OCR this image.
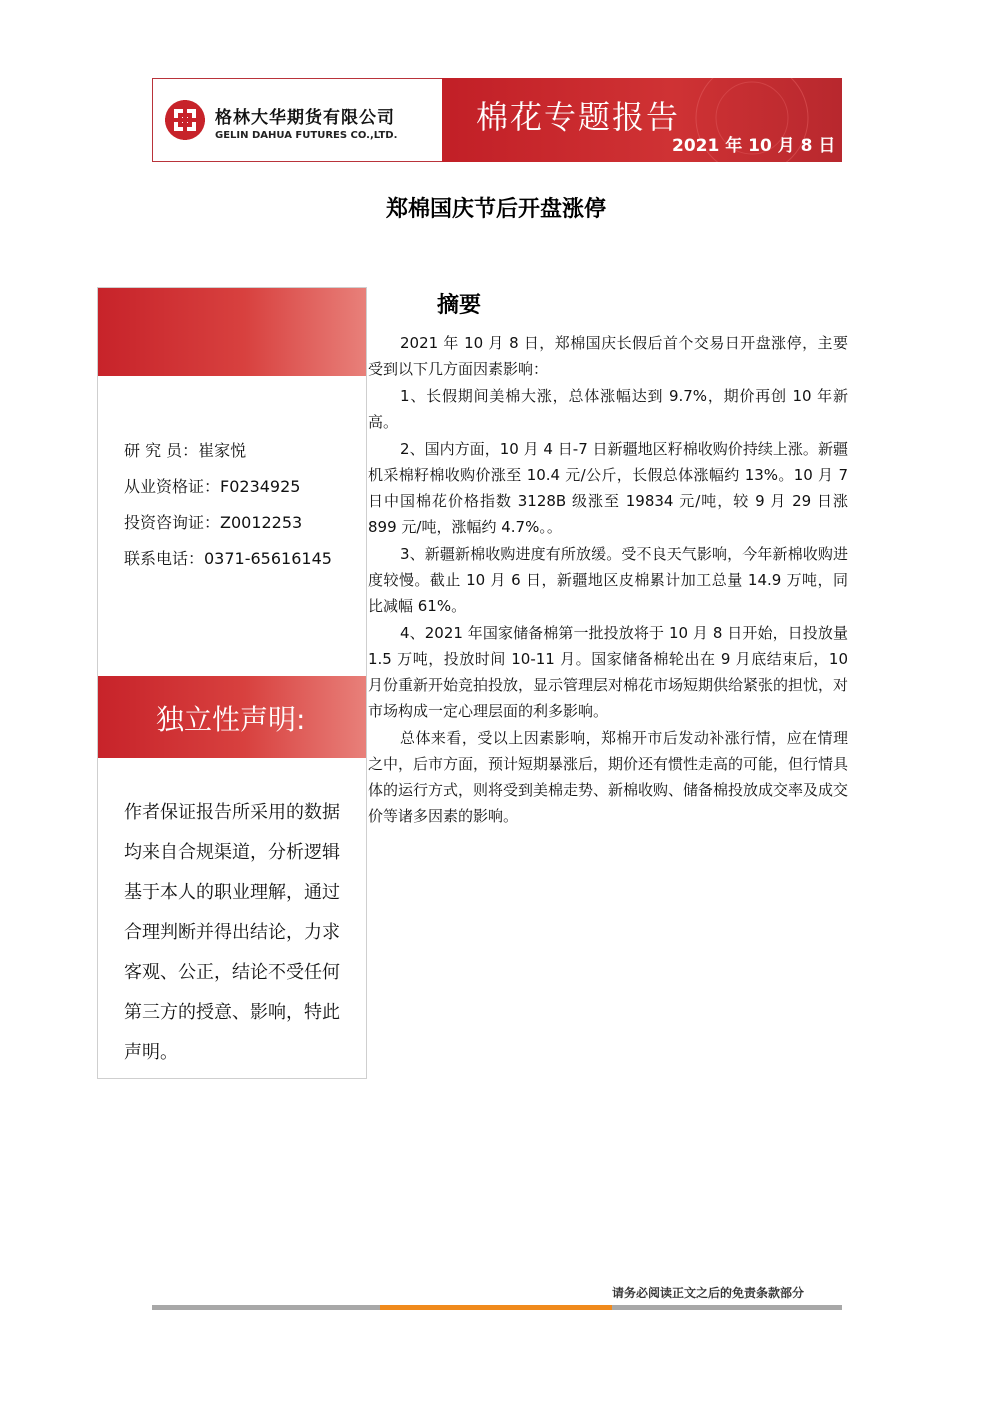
格林大华期货有限公司
GELIN DAHUA FUTURES CO.,LTD. 棉花专题报告
2021 年 10 月 8 日
郑棉国庆节后开盘涨停
研 究 员：崔家悦
从业资格证：F0234925
投资咨询证：Z0012253
联系电话：0371-65616145
独立性声明:
作者保证报告所采用的数据均来自合规渠道，分析逻辑基于本人的职业理解，通过合理判断并得出结论，力求客观、公正，结论不受任何第三方的授意、影响，特此声明。
摘要

2021 年 10 月 8 日，郑棉国庆长假后首个交易日开盘涨停，主要受到以下几方面因素影响：

1、长假期间美棉大涨，总体涨幅达到 9.7%，期价再创 10 年新高。

2、国内方面，10 月 4 日-7 日新疆地区籽棉收购价持续上涨。新疆机采棉籽棉收购价涨至 10.4 元/公斤，长假总体涨幅约 13%。10 月 7 日中国棉花价格指数 3128B 级涨至 19834 元/吨，较 9 月 29 日涨 899 元/吨，涨幅约 4.7%。。

3、新疆新棉收购进度有所放缓。受不良天气影响，今年新棉收购进度较慢。截止 10 月 6 日，新疆地区皮棉累计加工总量 14.9 万吨，同比减幅 61%。

4、2021 年国家储备棉第一批投放将于 10 月 8 日开始，日投放量 1.5 万吨，投放时间 10-11 月。国家储备棉轮出在 9 月底结束后，10 月份重新开始竞拍投放，显示管理层对棉花市场短期供给紧张的担忧，对市场构成一定心理层面的利多影响。

总体来看，受以上因素影响，郑棉开市后发动补涨行情，应在情理之中，后市方面，预计短期暴涨后，期价还有惯性走高的可能，但行情具体的运行方式，则将受到美棉走势、新棉收购、储备棉投放成交率及成交价等诸多因素的影响。

请务必阅读正文之后的免责条款部分
